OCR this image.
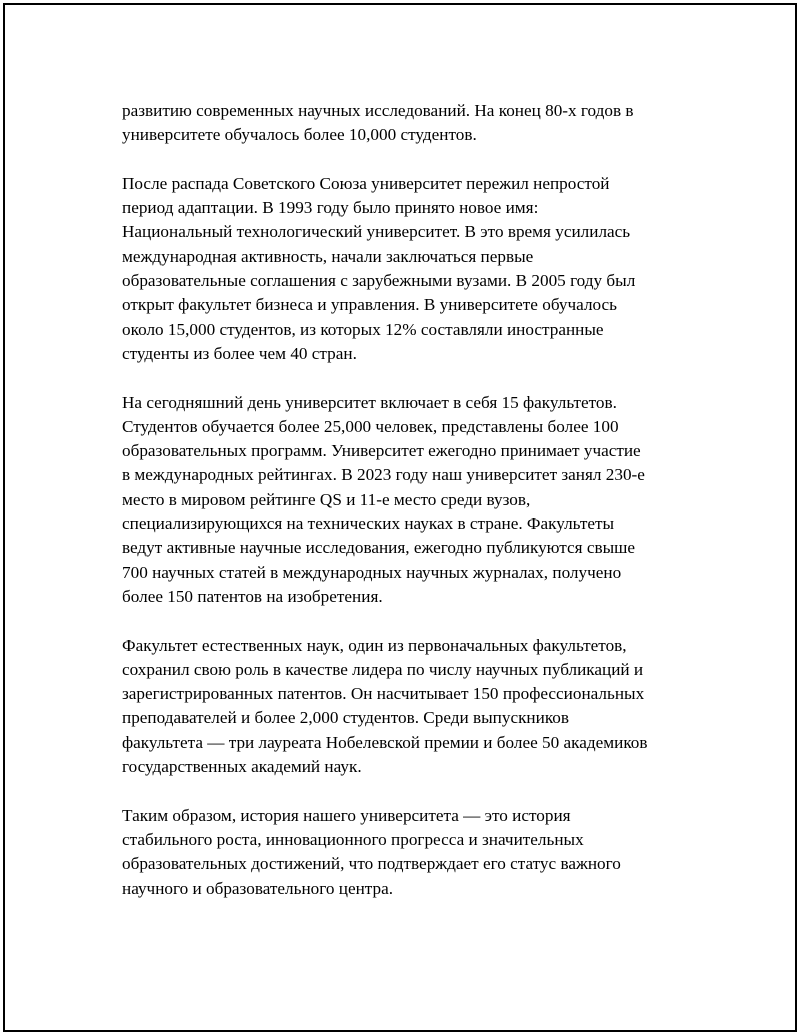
развитию современных научных исследований. На конец 80-х годов в
университете обучалось более 10,000 студентов.

После распада Советского Союза университет пережил непростой
период адаптации. В 1993 году было принято новое имя:
Национальный технологический университет. В это время усилилась
международная активность, начали заключаться первые
образовательные соглашения с зарубежными вузами. В 2005 году был
открыт факультет бизнеса и управления. В университете обучалось
около 15,000 студентов, из которых 12% составляли иностранные
студенты из более чем 40 стран.

На сегодняшний день университет включает в себя 15 факультетов.
Студентов обучается более 25,000 человек, представлены более 100
образовательных программ. Университет ежегодно принимает участие
в международных рейтингах. В 2023 году наш университет занял 230-е
место в мировом рейтинге QS и 11-е место среди вузов,
специализирующихся на технических науках в стране. Факультеты
ведут активные научные исследования, ежегодно публикуются свыше
700 научных статей в международных научных журналах, получено
более 150 патентов на изобретения.

Факультет естественных наук, один из первоначальных факультетов,
сохранил свою роль в качестве лидера по числу научных публикаций и
зарегистрированных патентов. Он насчитывает 150 профессиональных
преподавателей и более 2,000 студентов. Среди выпускников
факультета — три лауреата Нобелевской премии и более 50 академиков
государственных академий наук.

Таким образом, история нашего университета — это история
стабильного роста, инновационного прогресса и значительных
образовательных достижений, что подтверждает его статус важного
научного и образовательного центра.
